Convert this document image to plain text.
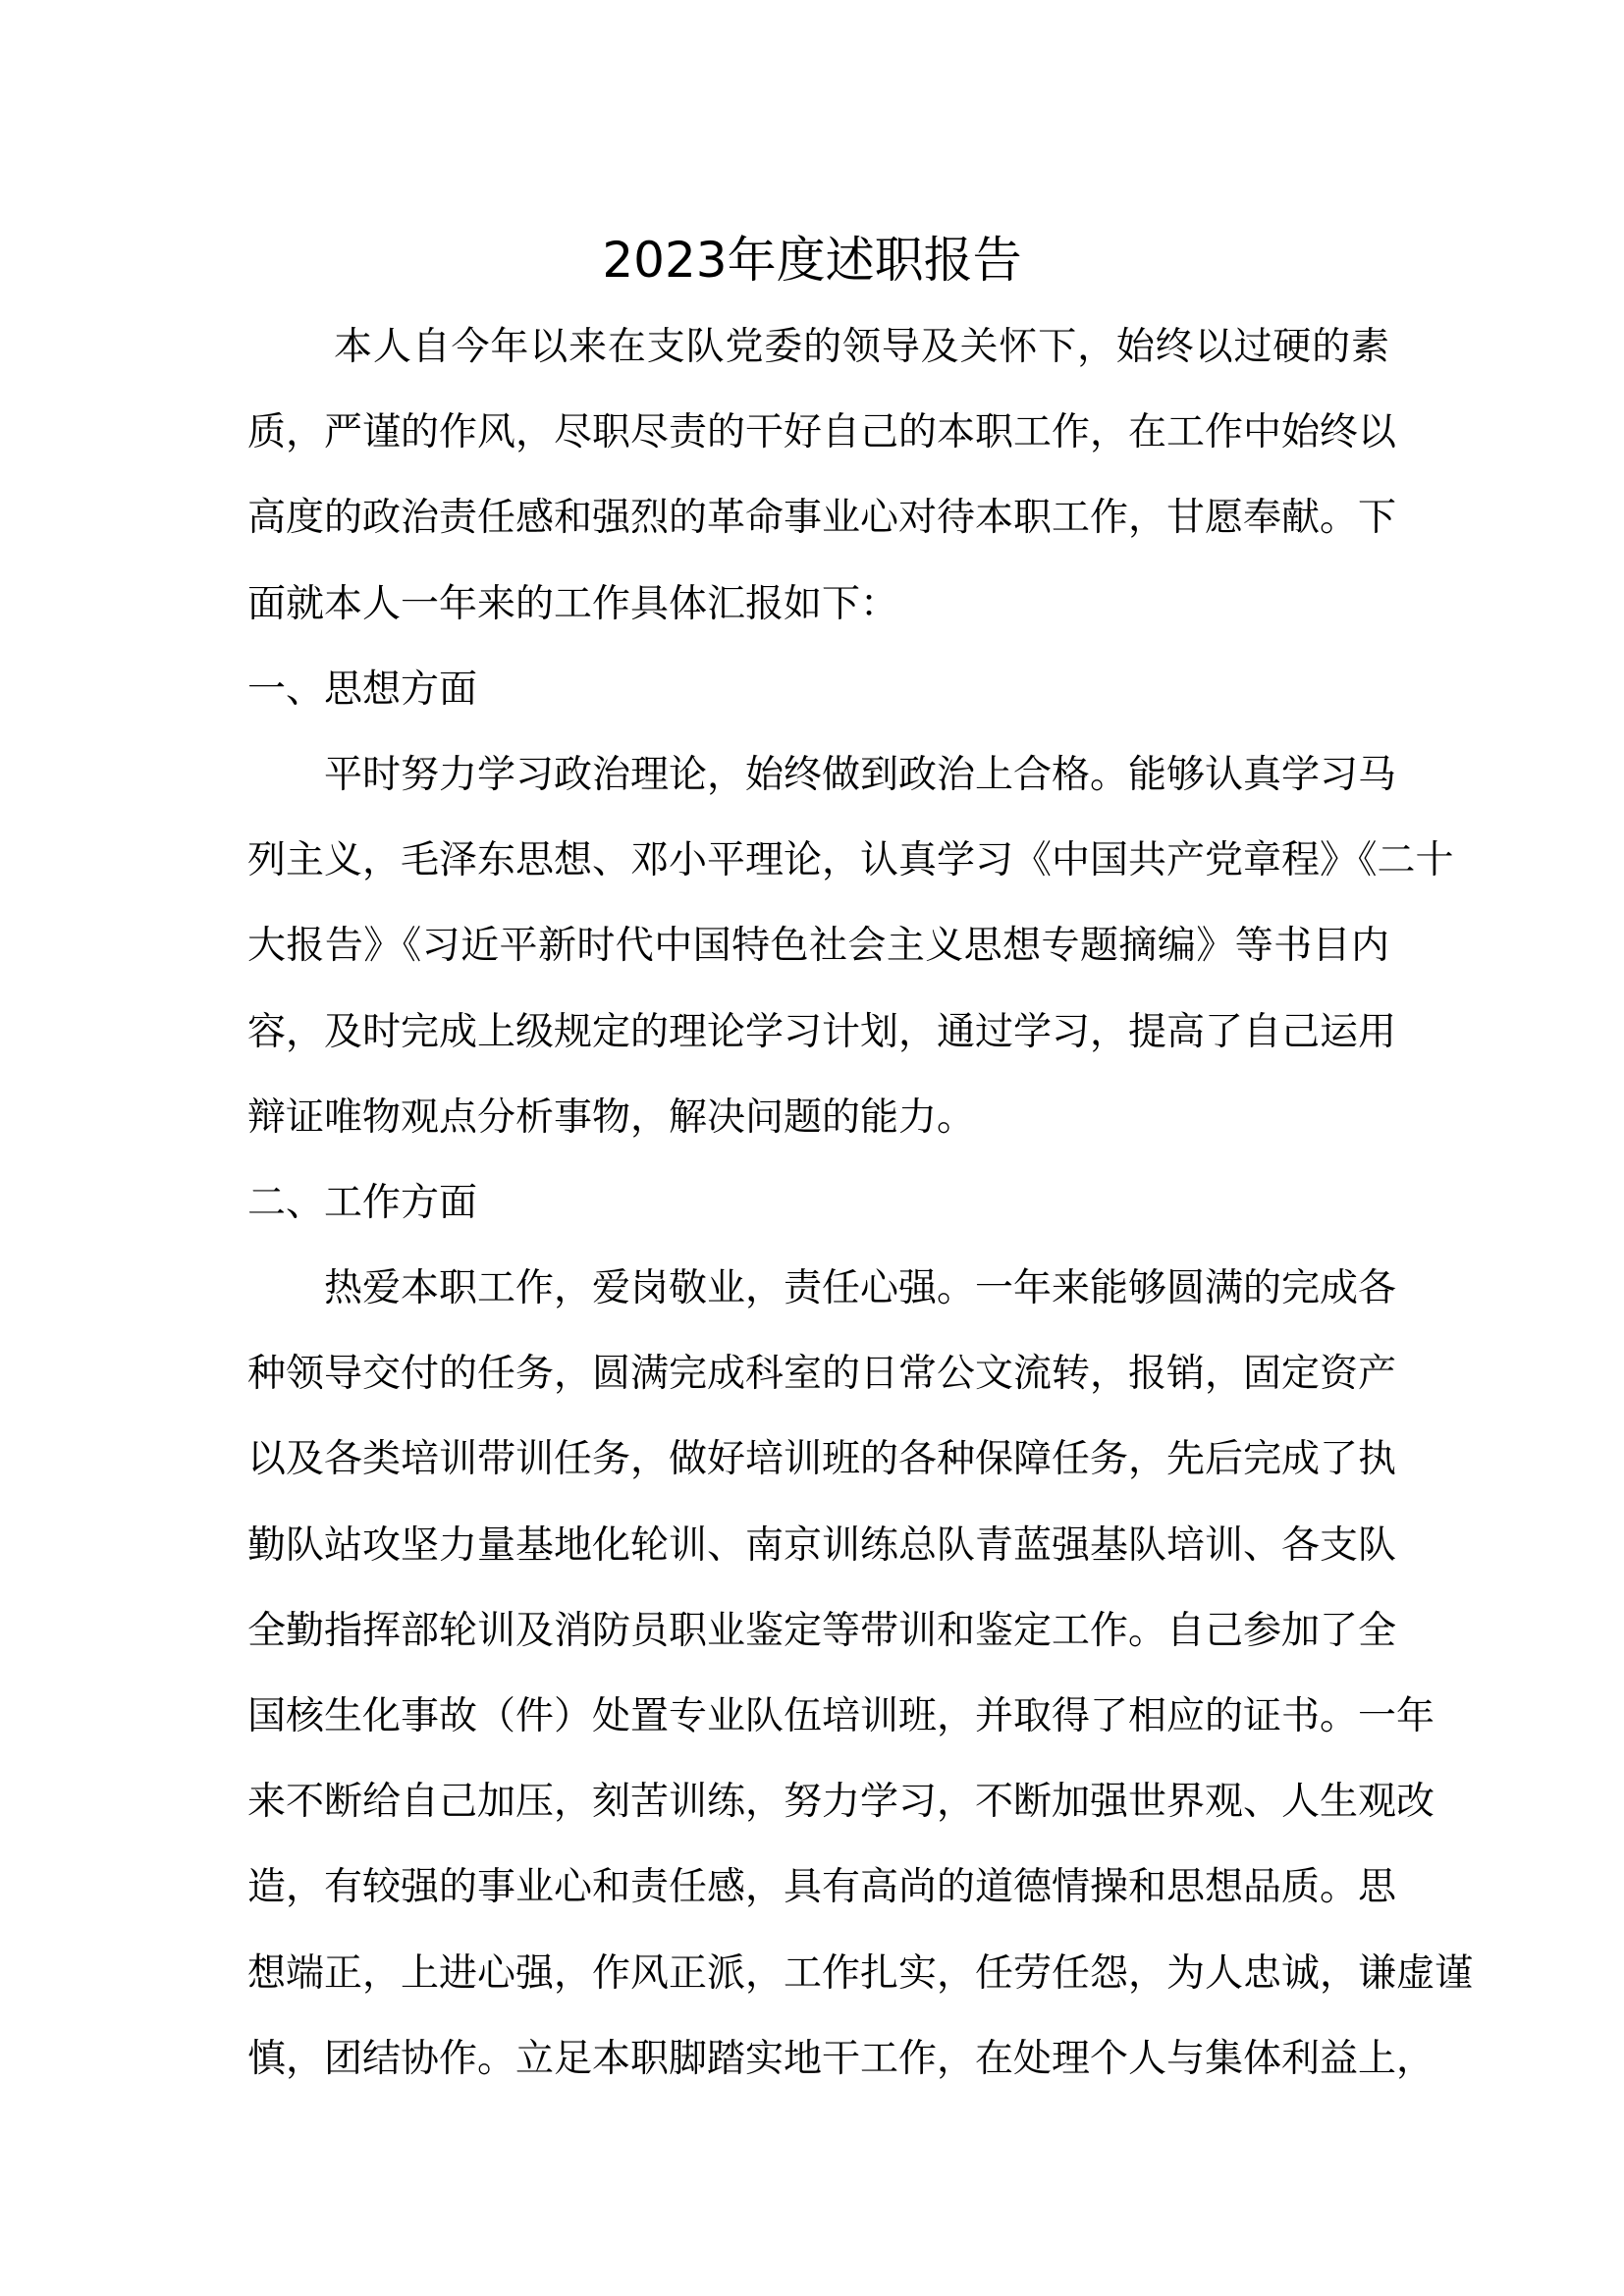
2023年度述职报告
本人自今年以来在支队党委的领导及关怀下，始终以过硬的素
质，严谨的作风，尽职尽责的干好自己的本职工作，在工作中始终以
高度的政治责任感和强烈的革命事业心对待本职工作，甘愿奉献。下
面就本人一年来的工作具体汇报如下：
一、思想方面
平时努力学习政治理论，始终做到政治上合格。能够认真学习马
列主义，毛泽东思想、邓小平理论，认真学习《中国共产党章程》《二十
大报告》《习近平新时代中国特色社会主义思想专题摘编》等书目内
容，及时完成上级规定的理论学习计划，通过学习，提高了自己运用
辩证唯物观点分析事物，解决问题的能力。
二、工作方面
热爱本职工作，爱岗敬业，责任心强。一年来能够圆满的完成各
种领导交付的任务，圆满完成科室的日常公文流转，报销，固定资产
以及各类培训带训任务，做好培训班的各种保障任务，先后完成了执
勤队站攻坚力量基地化轮训、南京训练总队青蓝强基队培训、各支队
全勤指挥部轮训及消防员职业鉴定等带训和鉴定工作。自己参加了全
国核生化事故（件）处置专业队伍培训班，并取得了相应的证书。一年
来不断给自己加压，刻苦训练，努力学习，不断加强世界观、人生观改
造，有较强的事业心和责任感，具有高尚的道德情操和思想品质。思
想端正，上进心强，作风正派，工作扎实，任劳任怨，为人忠诚，谦虚谨
慎，团结协作。立足本职脚踏实地干工作，在处理个人与集体利益上，
